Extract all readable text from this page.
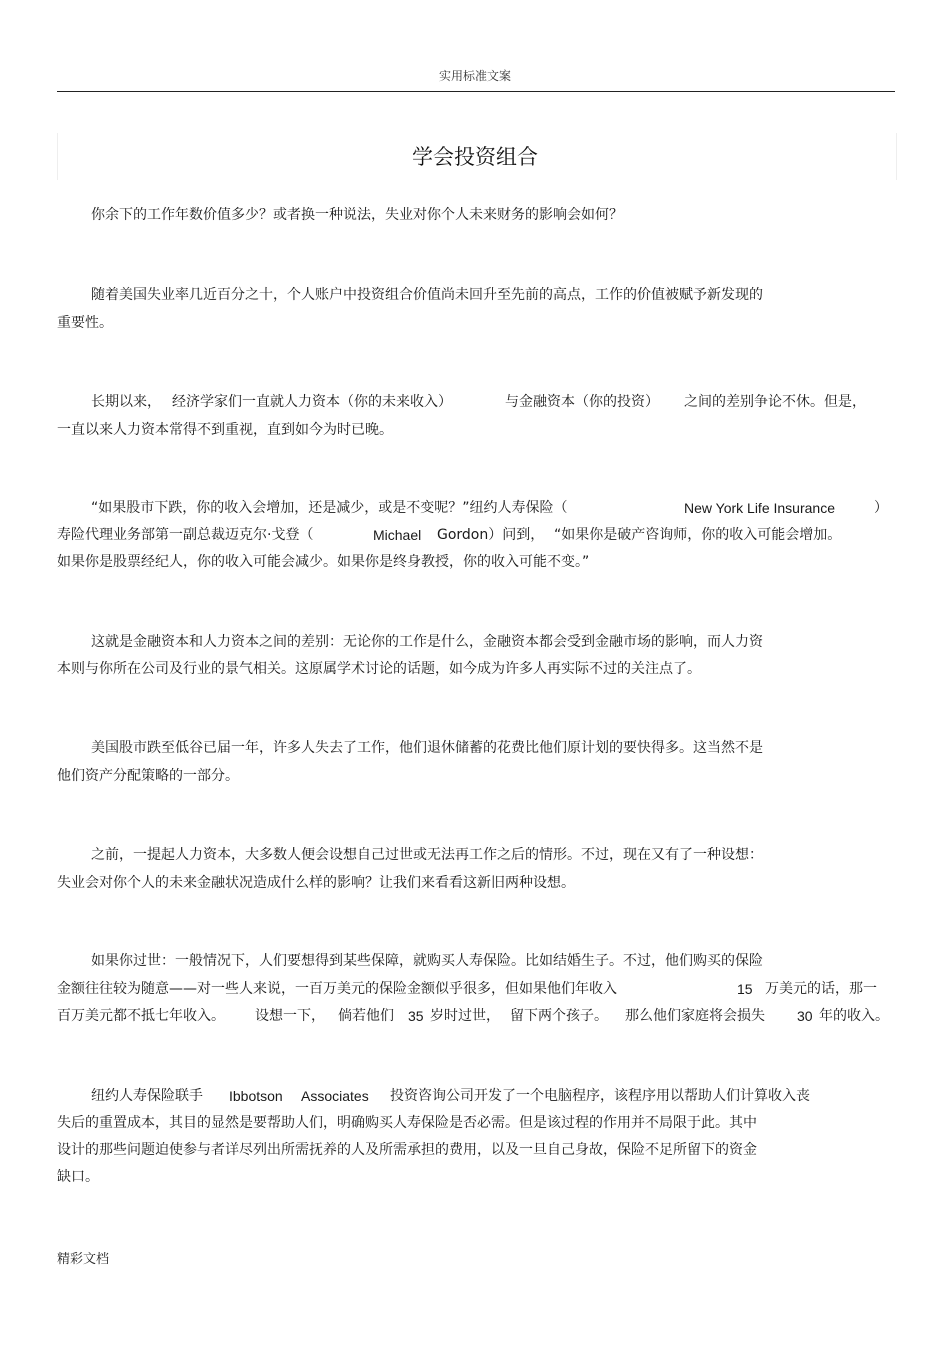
实用标准文案
学会投资组合
你余下的工作年数价值多少？或者换一种说法，失业对你个人未来财务的影响会如何？
随着美国失业率几近百分之十，个人账户中投资组合价值尚未回升至先前的高点，工作的价值被赋予新发现的
重要性。

长期以来，

经济学家们一直就人力资本（你的未来收入）

	与金融资本（你的投资）

之间的差别争论不休。但是，

一直以来人力资本常得不到重视，直到如今为时已晚。

“如果股市下跌，你的收入会增加，还是减少，或是不变呢？”纽约人寿保险（

	New York Life Insurance

	）

寿险代理业务部第一副总裁迈克尔·戈登（

	Michael

Gordon）问到，

“如果你是破产咨询师，你的收入可能会增加。

如果你是股票经纪人，你的收入可能会减少。如果你是终身教授，你的收入可能不变。”
这就是金融资本和人力资本之间的差别：无论你的工作是什么，金融资本都会受到金融市场的影响，而人力资
本则与你所在公司及行业的景气相关。这原属学术讨论的话题，如今成为许多人再实际不过的关注点了。
美国股市跌至低谷已届一年，许多人失去了工作，他们退休储蓄的花费比他们原计划的要快得多。这当然不是
他们资产分配策略的一部分。
之前，一提起人力资本，大多数人便会设想自己过世或无法再工作之后的情形。不过，现在又有了一种设想：
失业会对你个人的未来金融状况造成什么样的影响？让我们来看看这新旧两种设想。
如果你过世：一般情况下，人们要想得到某些保障，就购买人寿保险。比如结婚生子。不过，他们购买的保险

金额往往较为随意——对一些人来说，一百万美元的保险金额似乎很多，但如果他们年收入

	15

万美元的话，那一

百万美元都不抵七年收入。

设想一下，

倘若他们

35

岁时过世，

留下两个孩子。

那么他们家庭将会损失

30

年的收入。

纽约人寿保险联手

Ibbotson

Associates

投资咨询公司开发了一个电脑程序，该程序用以帮助人们计算收入丧

失后的重置成本，其目的显然是要帮助人们，明确购买人寿保险是否必需。但是该过程的作用并不局限于此。其中
设计的那些问题迫使参与者详尽列出所需抚养的人及所需承担的费用，以及一旦自己身故，保险不足所留下的资金
缺口。
精彩文档
